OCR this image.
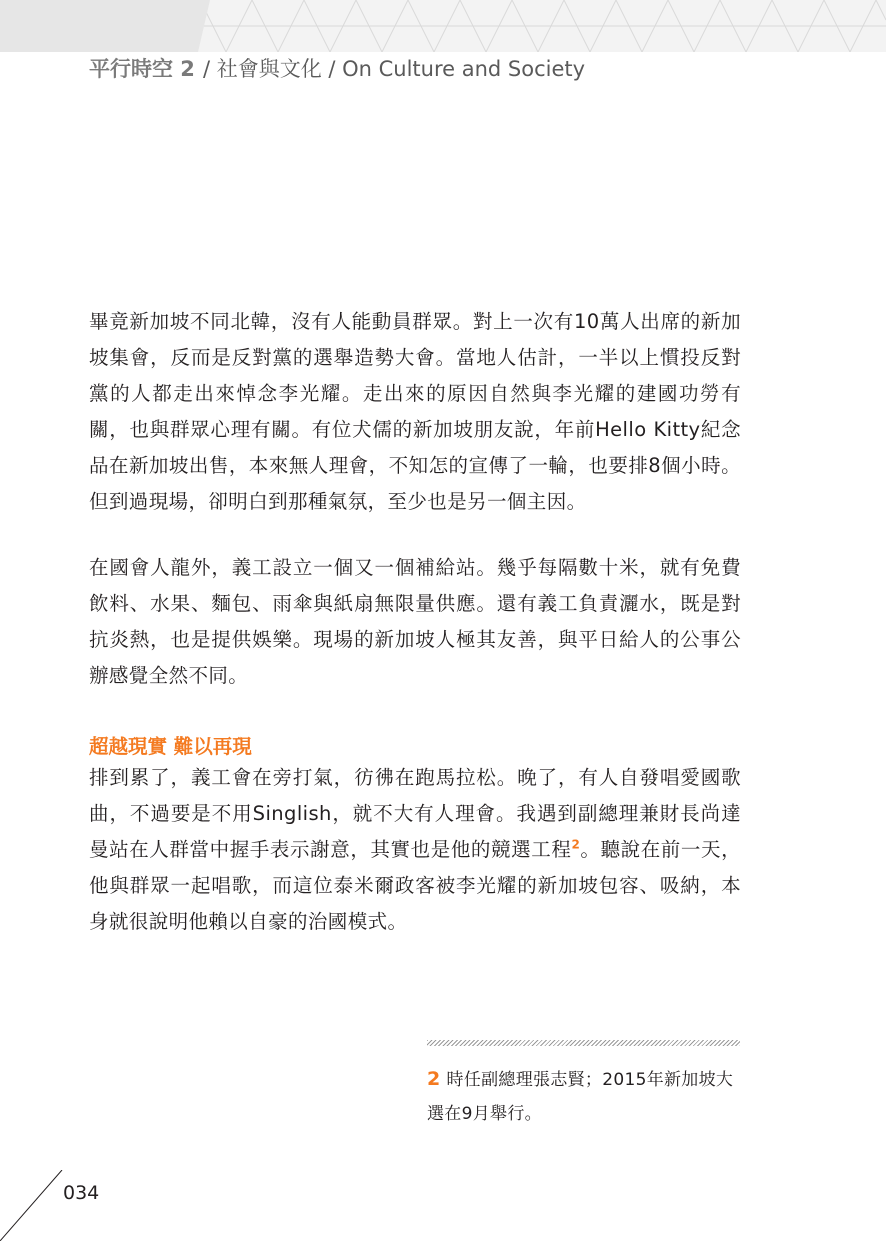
平行時空 2 / 社會與文化 / On Culture and Society
畢竟新加坡不同北韓，沒有人能動員群眾。對上一次有10萬人出席的新加坡集會，反而是反對黨的選舉造勢大會。當地人估計，一半以上慣投反對黨的人都走出來悼念李光耀。走出來的原因自然與李光耀的建國功勞有關，也與群眾心理有關。有位犬儒的新加坡朋友說，年前Hello Kitty紀念品在新加坡出售，本來無人理會，不知怎的宣傳了一輪，也要排8個小時。但到過現場，卻明白到那種氣氛，至少也是另一個主因。
在國會人龍外，義工設立一個又一個補給站。幾乎每隔數十米，就有免費飲料、水果、麵包、雨傘與紙扇無限量供應。還有義工負責灑水，既是對抗炎熱，也是提供娛樂。現場的新加坡人極其友善，與平日給人的公事公辦感覺全然不同。
超越現實 難以再現
排到累了，義工會在旁打氣，彷彿在跑馬拉松。晚了，有人自發唱愛國歌曲，不過要是不用Singlish，就不大有人理會。我遇到副總理兼財長尚達曼站在人群當中握手表示謝意，其實也是他的競選工程$^2$。聽說在前一天，他與群眾一起唱歌，而這位泰米爾政客被李光耀的新加坡包容、吸納，本身就很說明他賴以自豪的治國模式。
2 時任副總理張志賢；2015年新加坡大選在9月舉行。
034
